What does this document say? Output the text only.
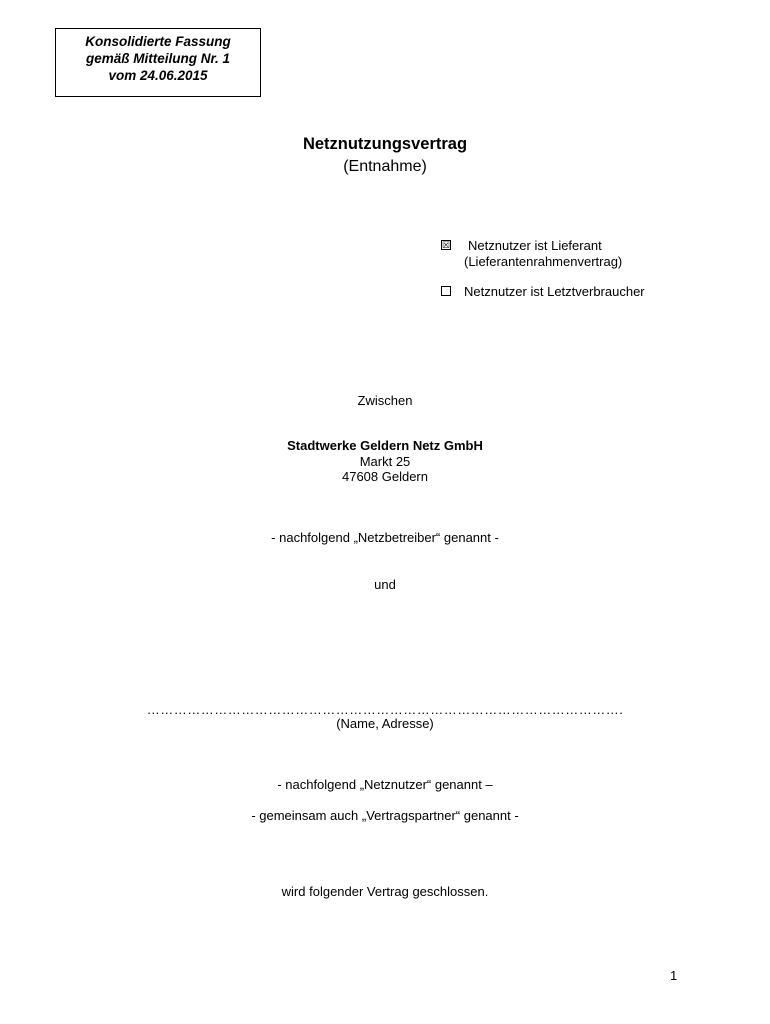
Konsolidierte Fassung
gemäß Mitteilung Nr. 1
vom 24.06.2015
Netznutzungsvertrag
(Entnahme)
☒ Netznutzer ist Lieferant
(Lieferantenrahmenvertrag)
Netznutzer ist Letztverbraucher
Zwischen
Stadtwerke Geldern Netz GmbH
Markt 25
47608 Geldern
- nachfolgend „Netzbetreiber“ genannt -
und
…………………………………………………………………………………………….
(Name, Adresse)
- nachfolgend „Netznutzer“ genannt –
- gemeinsam auch „Vertragspartner“ genannt -
wird folgender Vertrag geschlossen.
1
